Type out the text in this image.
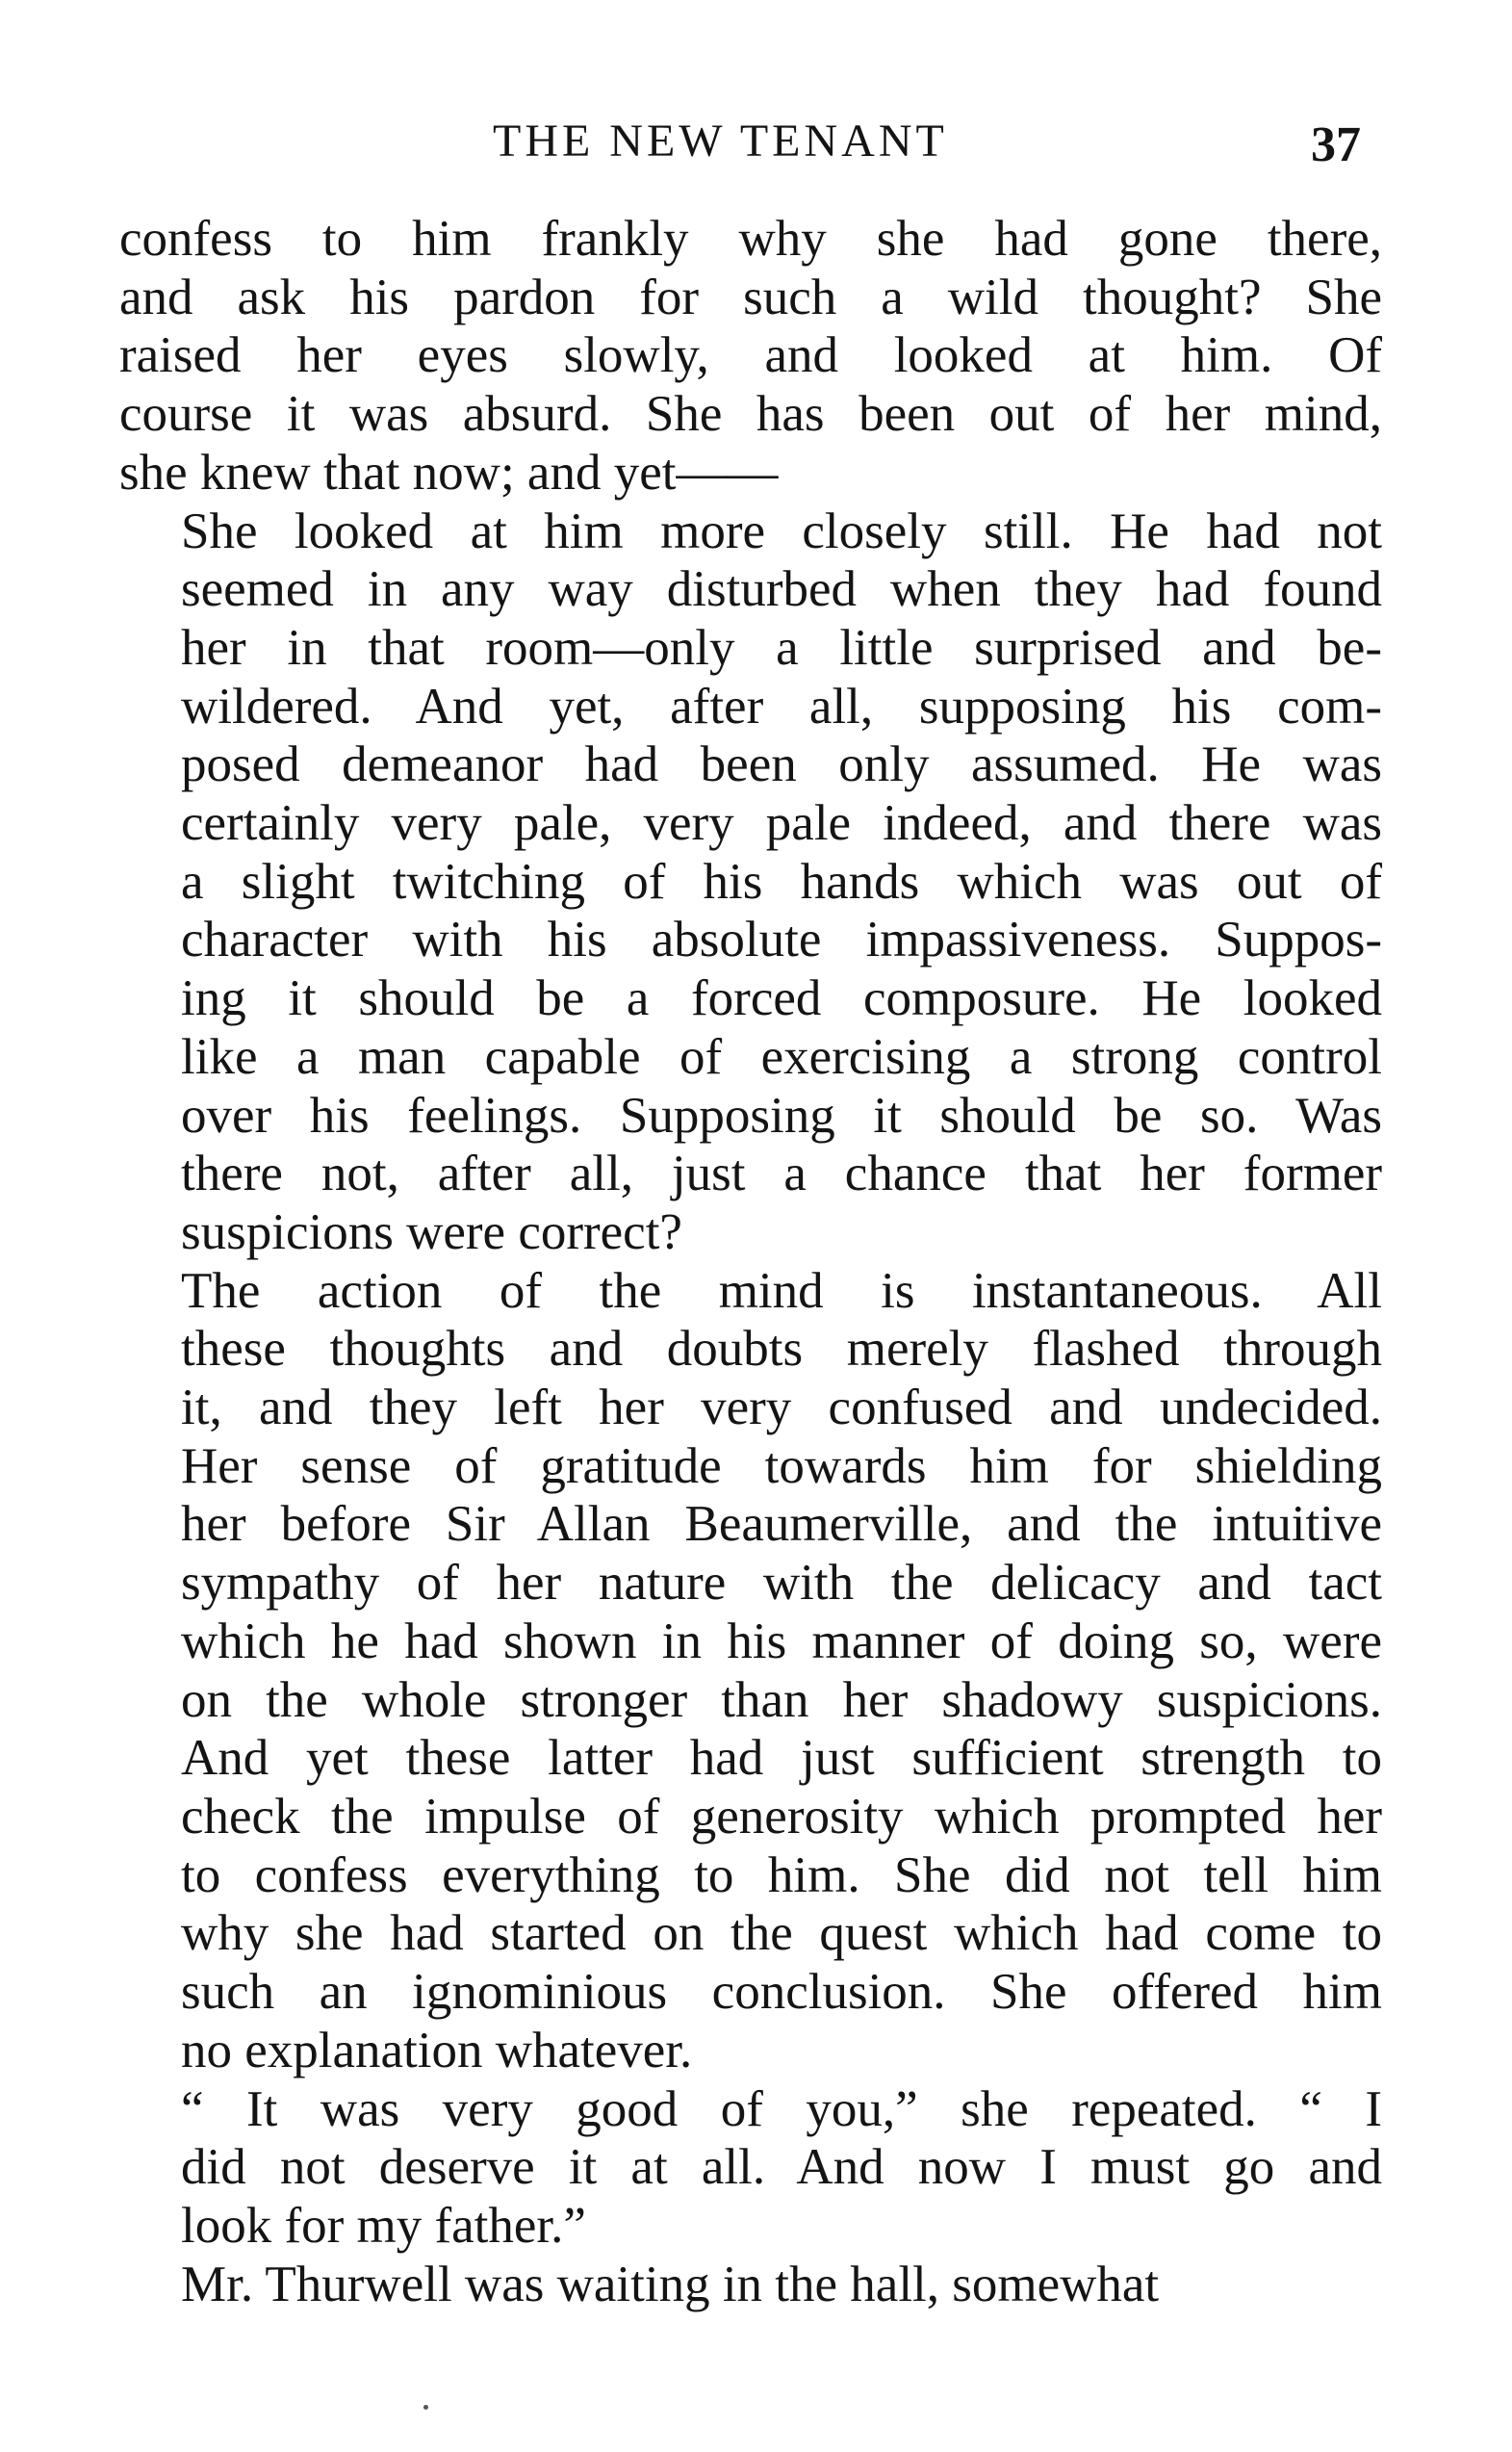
THE NEW TENANT	37

confess to him frankly why she had gone there,
and ask his pardon for such a wild thought? She
raised her eyes slowly, and looked at him. Of
course it was absurd. She has been out of her mind,
she knew that now; and yet——

She looked at him more closely still. He had not
seemed in any way disturbed when they had found
her in that room—only a little surprised and be-
wildered. And yet, after all, supposing his com-
posed demeanor had been only assumed. He was
certainly very pale, very pale indeed, and there was
a slight twitching of his hands which was out of
character with his absolute impassiveness. Suppos-
ing it should be a forced composure. He looked
like a man capable of exercising a strong control
over his feelings. Supposing it should be so. Was
there not, after all, just a chance that her former
suspicions were correct?

The action of the mind is instantaneous. All
these thoughts and doubts merely flashed through
it, and they left her very confused and undecided.
Her sense of gratitude towards him for shielding
her before Sir Allan Beaumerville, and the intuitive
sympathy of her nature with the delicacy and tact
which he had shown in his manner of doing so, were
on the whole stronger than her shadowy suspicions.
And yet these latter had just sufficient strength to
check the impulse of generosity which prompted her
to confess everything to him. She did not tell him
why she had started on the quest which had come to
such an ignominious conclusion. She offered him
no explanation whatever.

“ It was very good of you,” she repeated. “ I
did not deserve it at all. And now I must go and
look for my father.”

Mr. Thurwell was waiting in the hall, somewhat
